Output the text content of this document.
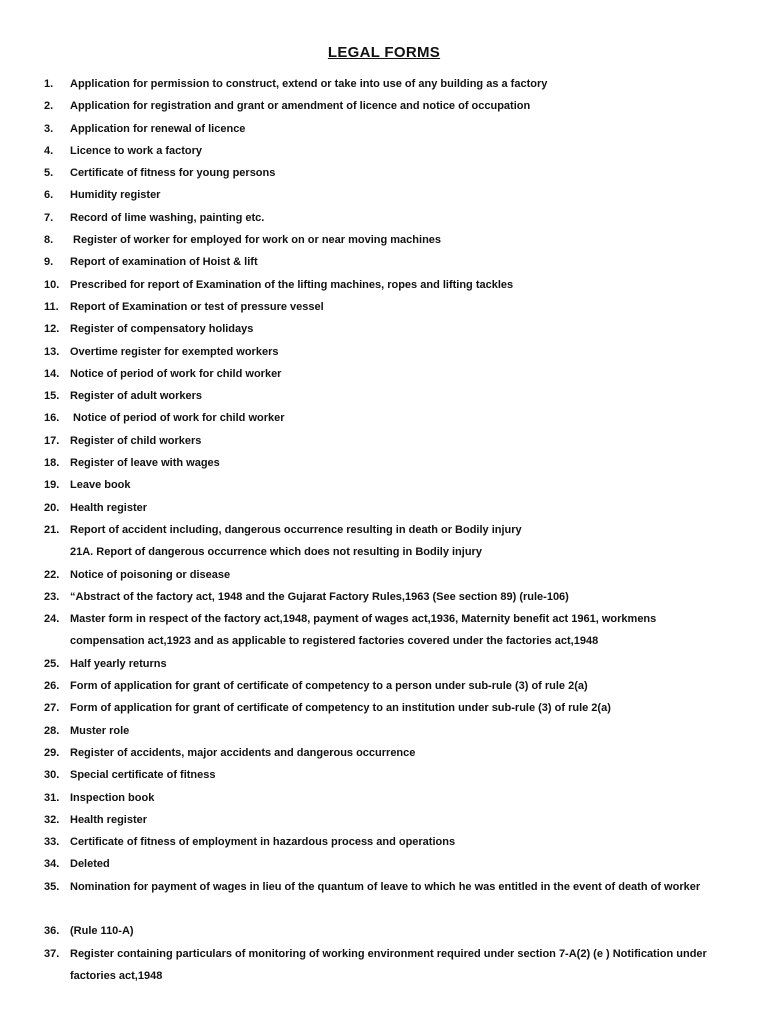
LEGAL FORMS
1.	Application for permission to construct, extend or take into use of any building as a factory
2.	Application for registration and grant or amendment of licence and notice of occupation
3.	Application for renewal of licence
4.	Licence to work a factory
5.	Certificate of fitness for young persons
6.	Humidity register
7.	Record of lime washing, painting etc.
8.	Register of worker for employed for work on or near moving machines
9.	Report of examination of Hoist & lift
10. Prescribed for report of Examination of the lifting machines, ropes and lifting tackles
11.	Report of Examination or test of pressure vessel
12. Register of compensatory holidays
13. Overtime register for exempted workers
14. Notice of period of work for child worker
15. Register of adult workers
16. Notice of period of work for child worker
17. Register of child workers
18. Register of leave with wages
19. Leave book
20. Health register
21. Report of accident including, dangerous occurrence resulting in death or Bodily injury
21A. Report of dangerous occurrence which does not resulting in Bodily injury
22. Notice of poisoning or disease
23. “Abstract of the factory act, 1948 and the Gujarat Factory Rules,1963 (See section 89) (rule-106)
24. Master form in respect of the factory act,1948, payment of wages act,1936, Maternity benefit act 1961, workmens compensation act,1923 and as applicable to registered factories covered under the factories act,1948
25. Half yearly returns
26. Form of application for grant of certificate of competency to a person under sub-rule (3) of rule 2(a)
27. Form of application for grant of certificate of competency to an institution under sub-rule (3) of rule 2(a)
28. Muster role
29. Register of accidents, major accidents and dangerous occurrence
30. Special certificate of fitness
31. Inspection book
32. Health register
33. Certificate of fitness of employment in hazardous process and operations
34. Deleted
35. Nomination for payment of wages in lieu of the quantum of leave to which he was entitled in the event of death of worker
36. (Rule 110-A)
37. Register containing particulars of monitoring of working environment required under section 7-A(2) (e ) Notification under factories act,1948
